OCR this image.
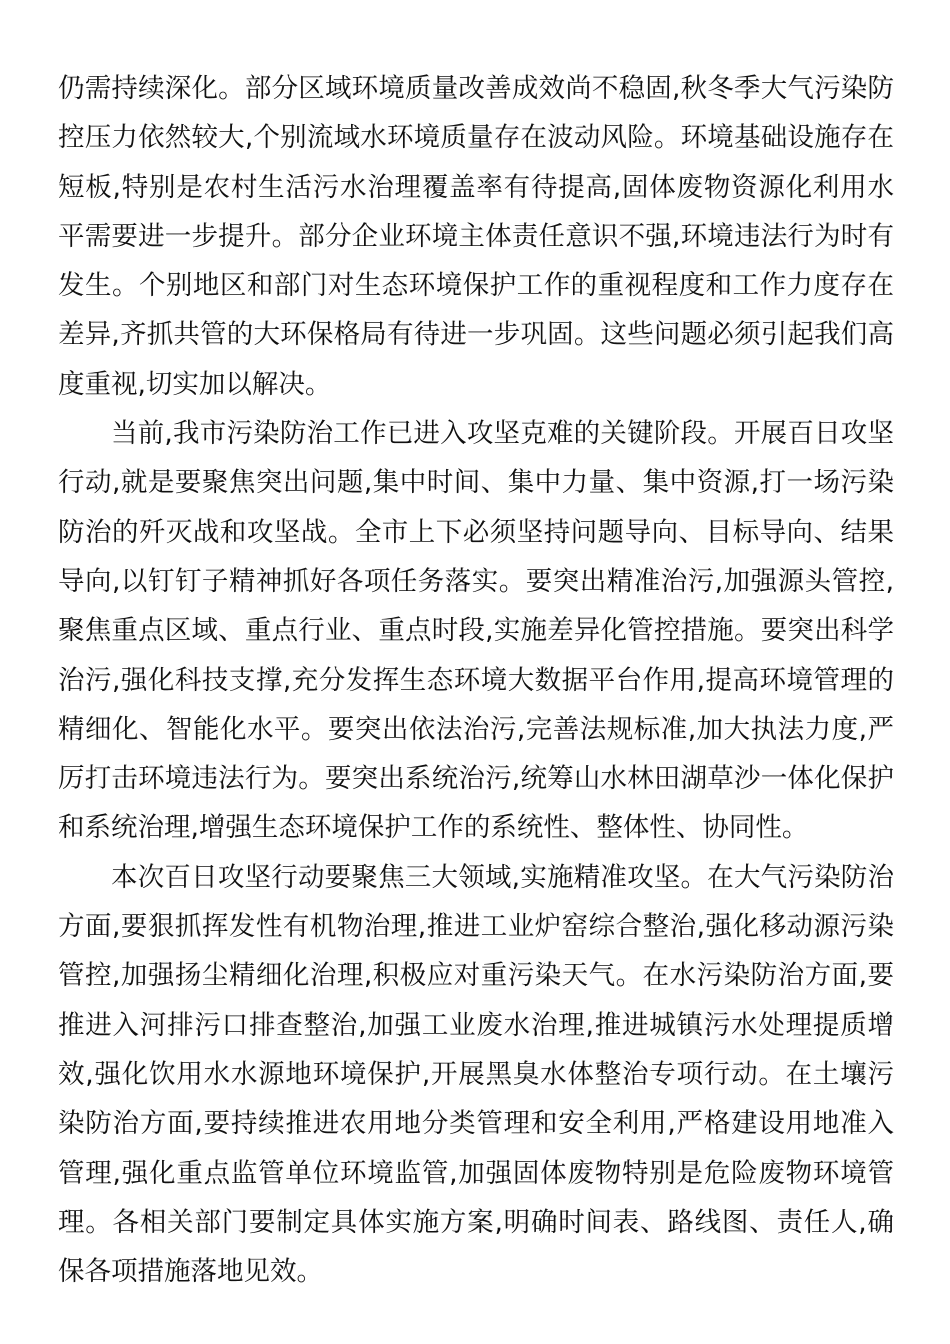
仍需持续深化。部分区域环境质量改善成效尚不稳固,秋冬季大气污染防控压力依然较大,个别流域水环境质量存在波动风险。环境基础设施存在短板,特别是农村生活污水治理覆盖率有待提高,固体废物资源化利用水平需要进一步提升。部分企业环境主体责任意识不强,环境违法行为时有发生。个别地区和部门对生态环境保护工作的重视程度和工作力度存在差异,齐抓共管的大环保格局有待进一步巩固。这些问题必须引起我们高度重视,切实加以解决。

当前,我市污染防治工作已进入攻坚克难的关键阶段。开展百日攻坚行动,就是要聚焦突出问题,集中时间、集中力量、集中资源,打一场污染防治的歼灭战和攻坚战。全市上下必须坚持问题导向、目标导向、结果导向,以钉钉子精神抓好各项任务落实。要突出精准治污,加强源头管控,聚焦重点区域、重点行业、重点时段,实施差异化管控措施。要突出科学治污,强化科技支撑,充分发挥生态环境大数据平台作用,提高环境管理的精细化、智能化水平。要突出依法治污,完善法规标准,加大执法力度,严厉打击环境违法行为。要突出系统治污,统筹山水林田湖草沙一体化保护和系统治理,增强生态环境保护工作的系统性、整体性、协同性。

本次百日攻坚行动要聚焦三大领域,实施精准攻坚。在大气污染防治方面,要狠抓挥发性有机物治理,推进工业炉窑综合整治,强化移动源污染管控,加强扬尘精细化治理,积极应对重污染天气。在水污染防治方面,要推进入河排污口排查整治,加强工业废水治理,推进城镇污水处理提质增效,强化饮用水水源地环境保护,开展黑臭水体整治专项行动。在土壤污染防治方面,要持续推进农用地分类管理和安全利用,严格建设用地准入管理,强化重点监管单位环境监管,加强固体废物特别是危险废物环境管理。各相关部门要制定具体实施方案,明确时间表、路线图、责任人,确保各项措施落地见效。
